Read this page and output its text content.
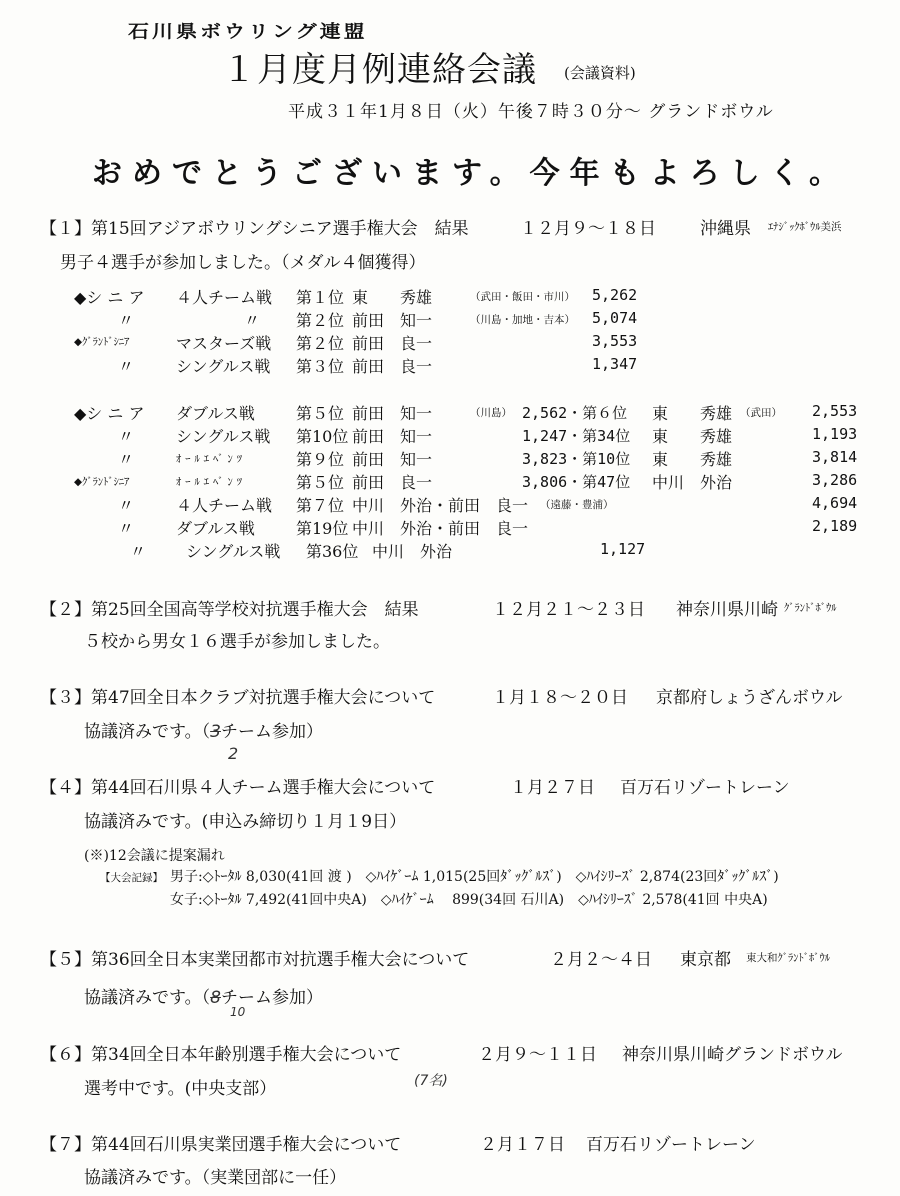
石川県ボウリング連盟
１月度月例連絡会議 (会議資料)
平成３１年1月８日（火）午後７時３０分～ グランドボウル
おめでとうございます。今年もよろしく。
【１】第15回アジアボウリングシニア選手権大会　結果	１２月９～１８日	沖縄県 ｴﾅｼﾞｯｸﾎﾞｳﾙ美浜
男子４選手が参加しました。（メダル４個獲得）
◆シ ニ ア ４人チーム戦 第１位 東　　秀雄	（武田・飯田・市川） 5,262
〃	〃 第２位 前田　知一	（川島・加地・吉本） 5,074
◆ｸﾞﾗﾝﾄﾞｼﾆｱ	マスターズ戦 第２位 前田　良一	3,553
〃	シングルス戦 第３位 前田　良一	1,347
◆シ ニ ア ダブルス戦	第５位 前田　知一	（川島） 2,562・第６位 東　　秀雄 （武田） 2,553
〃	シングルス戦 第10位 前田　知一	1,247・第34位 東　　秀雄	1,193
〃	ｵｰﾙｴﾍﾞﾝﾂ	第９位 前田　知一	3,823・第10位 東　　秀雄	3,814
◆ｸﾞﾗﾝﾄﾞｼﾆｱ	ｵｰﾙｴﾍﾞﾝﾂ	第５位 前田　良一	3,806・第47位 中川　外治	3,286
〃	４人チーム戦 第７位 中川　外治・前田　良一 （遠藤・豊浦）	4,694
〃	ダブルス戦	第19位 中川　外治・前田　良一	2,189
〃 シングルス戦 第36位 中川　外治	1,127
【２】第25回全国高等学校対抗選手権大会　結果	１２月２１～２３日 神奈川県川崎 ｸﾞﾗﾝﾄﾞﾎﾞｳﾙ
５校から男女１６選手が参加しました。
【３】第47回全日本クラブ対抗選手権大会について	１月１８～２０日 京都府しょうざんボウル
協議済みです。（3チーム参加）
2
【４】第44回石川県４人チーム選手権大会について	１月２７日 百万石リゾートレーン
協議済みです。(申込み締切り１月１9日）
(※)12会議に提案漏れ
【大会記録】 男子:◇ﾄｰﾀﾙ 8,030(41回 渡 )　◇ﾊｲｹﾞｰﾑ 1,015(25回ﾀﾞｯｸﾞﾙｽﾞ)　◇ﾊｲｼﾘｰｽﾞ 2,874(23回ﾀﾞｯｸﾞﾙｽﾞ)
女子:◇ﾄｰﾀﾙ 7,492(41回中央A)　◇ﾊｲｹﾞｰﾑ　 899(34回 石川A)　◇ﾊｲｼﾘｰｽﾞ 2,578(41回 中央A)
【５】第36回全日本実業団都市対抗選手権大会について	２月２～４日 東京都 東大和ｸﾞﾗﾝﾄﾞﾎﾞｳﾙ
協議済みです。（8チーム参加）
10
【６】第34回全日本年齢別選手権大会について	２月９～１１日 神奈川県川崎グランドボウル
選考中です。(中央支部）	(7名)
【７】第44回石川県実業団選手権大会について	２月１７日 百万石リゾートレーン
協議済みです。（実業団部に一任）
